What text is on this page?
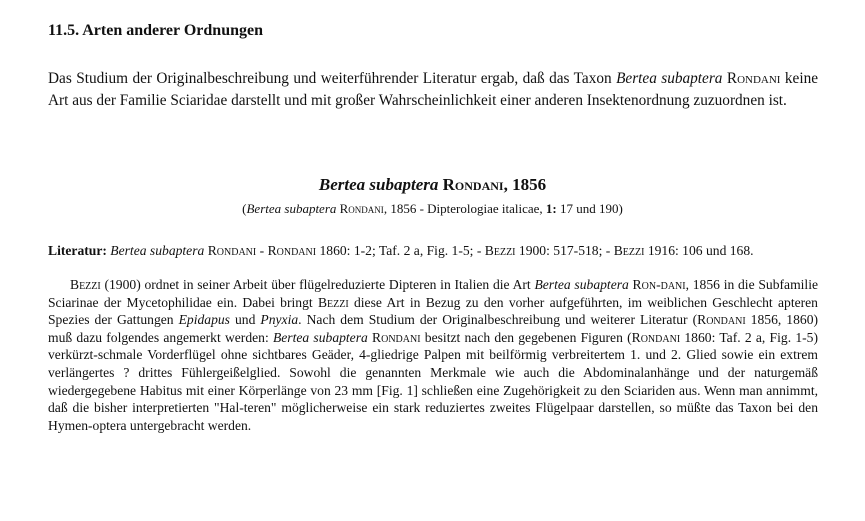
11.5. Arten anderer Ordnungen
Das Studium der Originalbeschreibung und weiterführender Literatur ergab, daß das Taxon Bertea subaptera Rondani keine Art aus der Familie Sciaridae darstellt und mit großer Wahrscheinlichkeit einer anderen Insektenordnung zuzuordnen ist.
Bertea subaptera Rondani, 1856
(Bertea subaptera Rondani, 1856 - Dipterologiae italicae, 1: 17 und 190)
Literatur: Bertea subaptera Rondani - Rondani 1860: 1-2; Taf. 2 a, Fig. 1-5; - Bezzi 1900: 517-518; - Bezzi 1916: 106 und 168.

Bezzi (1900) ordnet in seiner Arbeit über flügelreduzierte Dipteren in Italien die Art Bertea subaptera Ron-dani, 1856 in die Subfamilie Sciarinae der Mycetophilidae ein. Dabei bringt Bezzi diese Art in Bezug zu den vorher aufgeführten, im weiblichen Geschlecht apteren Spezies der Gattungen Epidapus und Pnyxia. Nach dem Studium der Originalbeschreibung und weiterer Literatur (Rondani 1856, 1860) muß dazu folgendes angemerkt werden: Bertea subaptera Rondani besitzt nach den gegebenen Figuren (Rondani 1860: Taf. 2 a, Fig. 1-5) verkürzt-schmale Vorderflügel ohne sichtbares Geäder, 4-gliedrige Palpen mit beilförmig verbreitertem 1. und 2. Glied sowie ein extrem verlängertes ? drittes Fühlergeißelglied. Sowohl die genannten Merkmale wie auch die Abdominalanhänge und der naturgemäß wiedergegebene Habitus mit einer Körperlänge von 23 mm [Fig. 1] schließen eine Zugehörigkeit zu den Sciariden aus. Wenn man annimmt, daß die bisher interpretierten "Hal-teren" möglicherweise ein stark reduziertes zweites Flügelpaar darstellen, so müßte das Taxon bei den Hymen-optera untergebracht werden.
